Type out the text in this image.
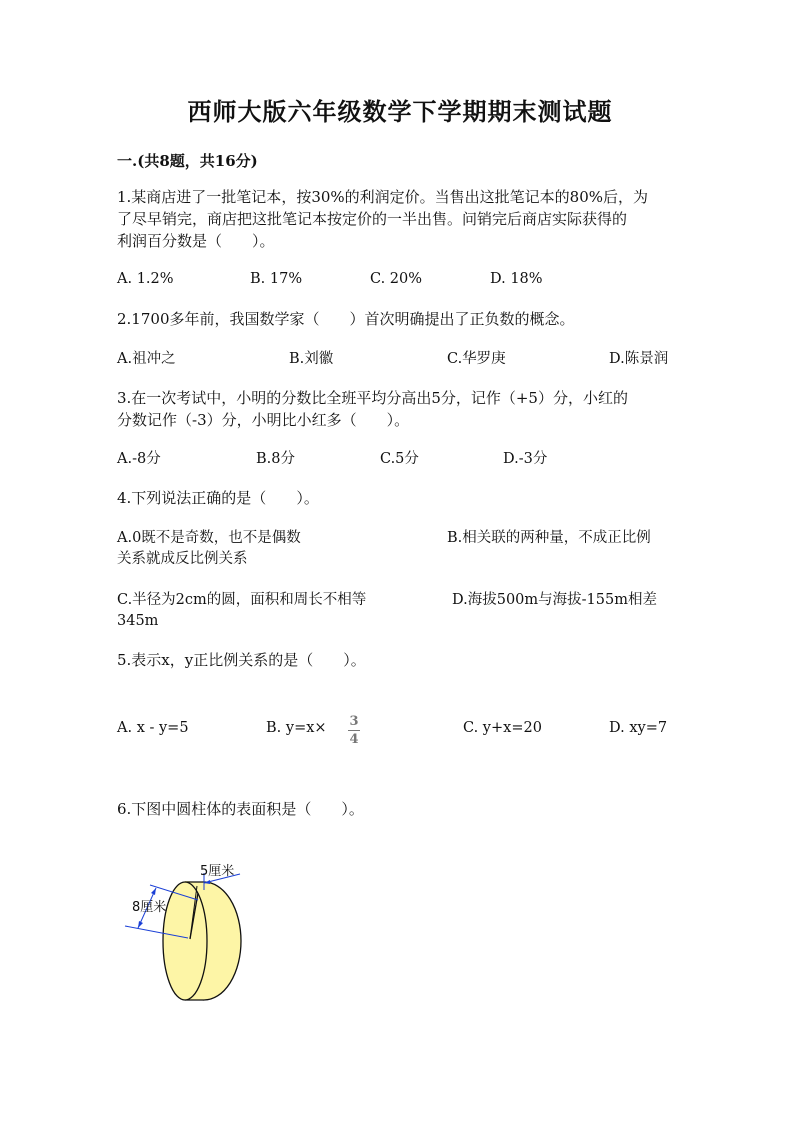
西师大版六年级数学下学期期末测试题
一.(共8题，共16分)
1.某商店进了一批笔记本，按30%的利润定价。当售出这批笔记本的80%后，为
了尽早销完，商店把这批笔记本按定价的一半出售。问销完后商店实际获得的
利润百分数是（　　）。
A. 1.2%	B. 17%	C. 20%	D. 18%
2.1700多年前，我国数学家（　　）首次明确提出了正负数的概念。
A.祖冲之	B.刘徽	C.华罗庚	D.陈景润
3.在一次考试中，小明的分数比全班平均分高出5分，记作（+5）分，小红的
分数记作（-3）分，小明比小红多（　　）。
A.-8分	B.8分	C.5分	D.-3分
4.下列说法正确的是（　　）。
A.0既不是奇数，也不是偶数	B.相关联的两种量，不成正比例
关系就成反比例关系
C.半径为2cm的圆，面积和周长不相等	D.海拔500m与海拔-155m相差
345m
5.表示x，y正比例关系的是（　　）。
A. x - y=5	B. y=x× 3
4
C. y+x=20	D. xy=7
6.下图中圆柱体的表面积是（　　）。
5厘米
8厘米
